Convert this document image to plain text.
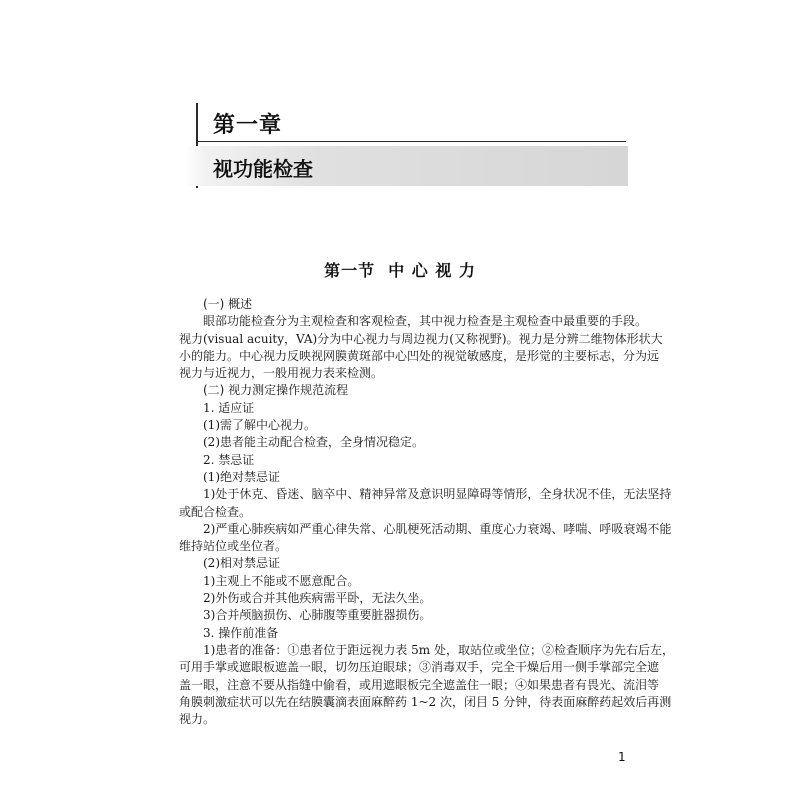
第一章
视功能检查
第一节  中 心 视 力
(一) 概述
眼部功能检查分为主观检查和客观检查，其中视力检查是主观检查中最重要的手段。
视力(visual acuity，VA)分为中心视力与周边视力(又称视野)。视力是分辨二维物体形状大
小的能力。中心视力反映视网膜黄斑部中心凹处的视觉敏感度，是形觉的主要标志，分为远
视力与近视力，一般用视力表来检测。
(二) 视力测定操作规范流程
1. 适应证
(1)需了解中心视力。
(2)患者能主动配合检查，全身情况稳定。
2. 禁忌证
(1)绝对禁忌证
1)处于休克、昏迷、脑卒中、精神异常及意识明显障碍等情形，全身状况不佳，无法坚持
或配合检查。
2)严重心肺疾病如严重心律失常、心肌梗死活动期、重度心力衰竭、哮喘、呼吸衰竭不能
维持站位或坐位者。
(2)相对禁忌证
1)主观上不能或不愿意配合。
2)外伤或合并其他疾病需平卧，无法久坐。
3)合并颅脑损伤、心肺腹等重要脏器损伤。
3. 操作前准备
1)患者的准备：①患者位于距远视力表 5m 处，取站位或坐位；②检查顺序为先右后左，
可用手掌或遮眼板遮盖一眼，切勿压迫眼球；③消毒双手，完全干燥后用一侧手掌部完全遮
盖一眼，注意不要从指缝中偷看，或用遮眼板完全遮盖住一眼；④如果患者有畏光、流泪等
角膜刺激症状可以先在结膜囊滴表面麻醉药 1~2 次，闭目 5 分钟，待表面麻醉药起效后再测
视力。
1
